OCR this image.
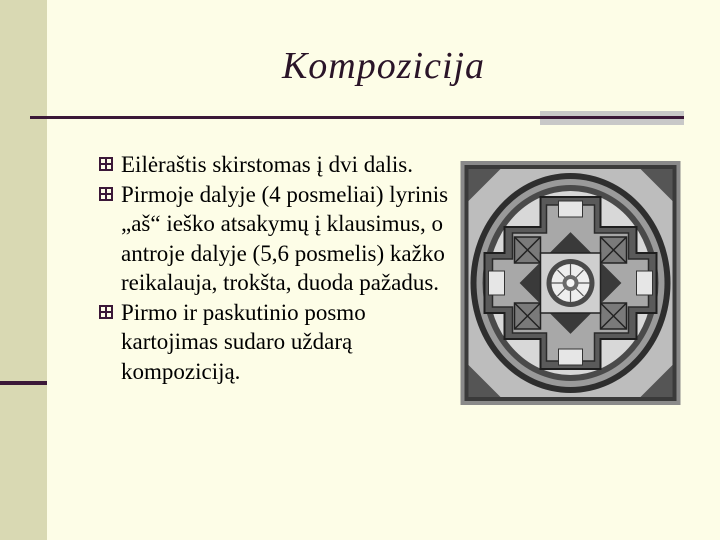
Kompozicija
Eilėraštis skirstomas į dvi dalis.
Pirmoje dalyje (4 posmeliai) lyrinis „aš“ ieško atsakymų į klausimus, o antroje dalyje (5,6 posmelis) kažko reikalauja, trokšta, duoda pažadus.
Pirmo ir paskutinio posmo kartojimas sudaro uždarą kompoziciją.
